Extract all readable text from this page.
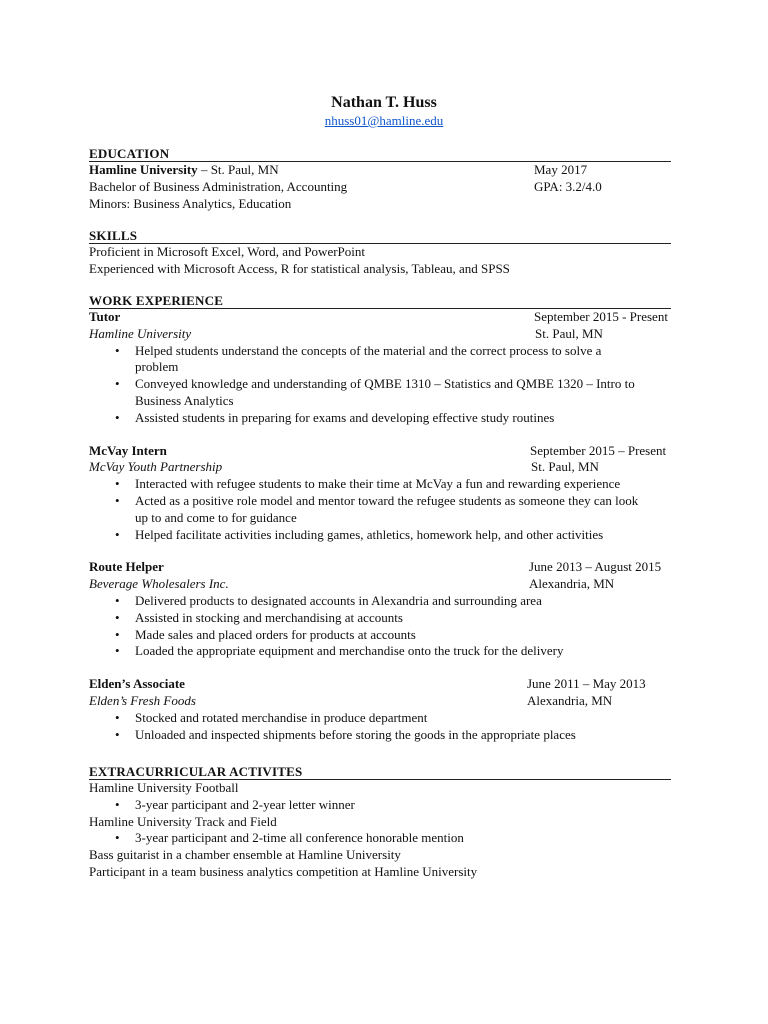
Nathan T. Huss
nhuss01@hamline.edu
EDUCATION
Hamline University – St. Paul, MN	May 2017
Bachelor of Business Administration, Accounting	GPA: 3.2/4.0
Minors: Business Analytics, Education
SKILLS
Proficient in Microsoft Excel, Word, and PowerPoint
Experienced with Microsoft Access, R for statistical analysis, Tableau, and SPSS
WORK EXPERIENCE
Tutor	September 2015 - Present
Hamline University	St. Paul, MN
• Helped students understand the concepts of the material and the correct process to solve a problem
• Conveyed knowledge and understanding of QMBE 1310 – Statistics and QMBE 1320 – Intro to Business Analytics
• Assisted students in preparing for exams and developing effective study routines
McVay Intern	September 2015 – Present
McVay Youth Partnership	St. Paul, MN
• Interacted with refugee students to make their time at McVay a fun and rewarding experience
• Acted as a positive role model and mentor toward the refugee students as someone they can look up to and come to for guidance
• Helped facilitate activities including games, athletics, homework help, and other activities
Route Helper	June 2013 – August 2015
Beverage Wholesalers Inc.	Alexandria, MN
• Delivered products to designated accounts in Alexandria and surrounding area
• Assisted in stocking and merchandising at accounts
• Made sales and placed orders for products at accounts
• Loaded the appropriate equipment and merchandise onto the truck for the delivery
Elden’s Associate	June 2011 – May 2013
Elden’s Fresh Foods	Alexandria, MN
• Stocked and rotated merchandise in produce department
• Unloaded and inspected shipments before storing the goods in the appropriate places
EXTRACURRICULAR ACTIVITES
Hamline University Football
• 3-year participant and 2-year letter winner
Hamline University Track and Field
• 3-year participant and 2-time all conference honorable mention
Bass guitarist in a chamber ensemble at Hamline University
Participant in a team business analytics competition at Hamline University
